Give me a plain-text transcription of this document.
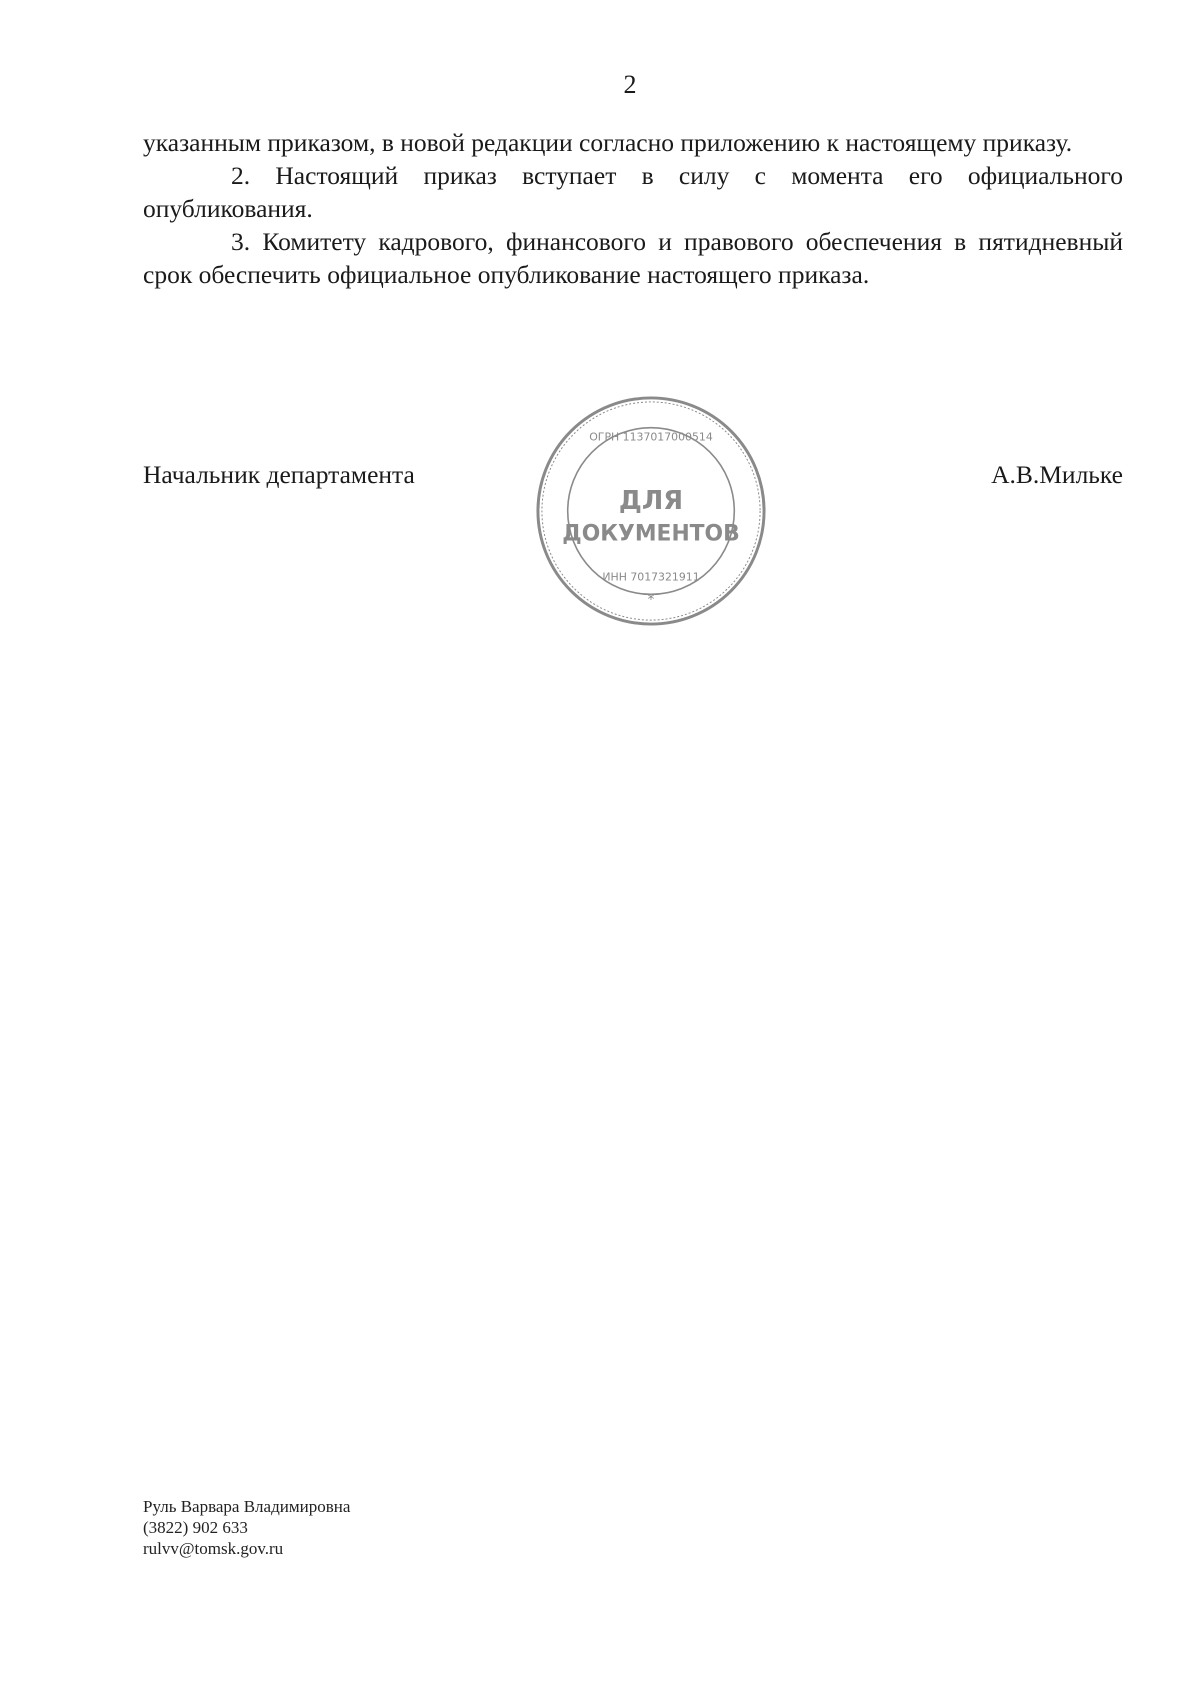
2

указанным приказом, в новой редакции согласно приложению к настоящему приказу.

2. Настоящий приказ вступает в силу с момента его официального опубликования.

3. Комитету кадрового, финансового и правового обеспечения в пятидневный срок обеспечить официальное опубликование настоящего приказа.

Начальник департамента	А.В.Мильке
ОГРН 1137017000514
ДЛЯ
ДОКУМЕНТОВ
ИНН 7017321911
*
Руль Варвара Владимировна
(3822) 902 633
rulvv@tomsk.gov.ru
